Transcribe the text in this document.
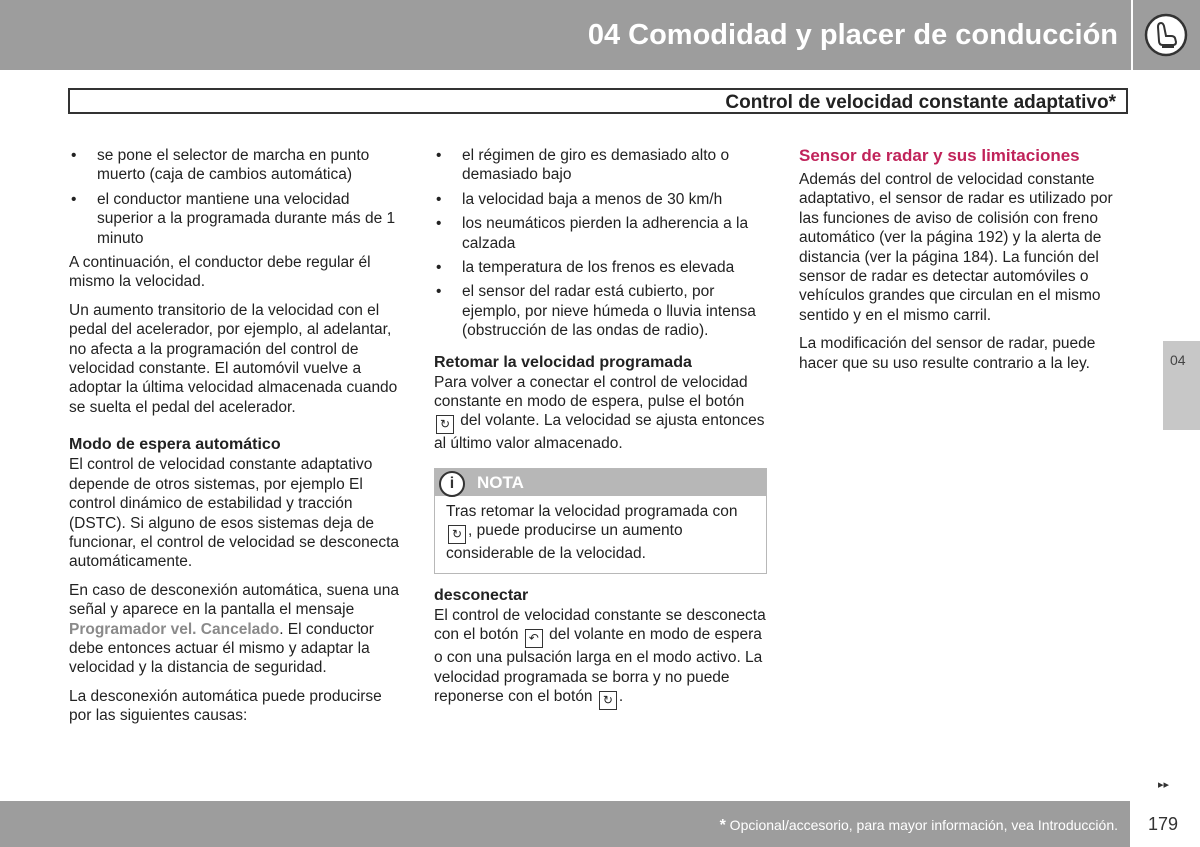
04 Comodidad y placer de conducción
Control de velocidad constante adaptativo*
• se pone el selector de marcha en punto muerto (caja de cambios automática)
• el conductor mantiene una velocidad superior a la programada durante más de 1 minuto

A continuación, el conductor debe regular él mismo la velocidad.

Un aumento transitorio de la velocidad con el pedal del acelerador, por ejemplo, al adelantar, no afecta a la programación del control de velocidad constante. El automóvil vuelve a adoptar la última velocidad almacenada cuando se suelta el pedal del acelerador.

Modo de espera automático

El control de velocidad constante adaptativo depende de otros sistemas, por ejemplo El control dinámico de estabilidad y tracción (DSTC). Si alguno de esos sistemas deja de funcionar, el control de velocidad se desconecta automáticamente.

En caso de desconexión automática, suena una señal y aparece en la pantalla el mensaje Programador vel. Cancelado. El conductor debe entonces actuar él mismo y adaptar la velocidad y la distancia de seguridad.

La desconexión automática puede producirse por las siguientes causas:

• el régimen de giro es demasiado alto o demasiado bajo
• la velocidad baja a menos de 30 km/h
• los neumáticos pierden la adherencia a la calzada
• la temperatura de los frenos es elevada
• el sensor del radar está cubierto, por ejemplo, por nieve húmeda o lluvia intensa (obstrucción de las ondas de radio).
Retomar la velocidad programada

Para volver a conectar el control de velocidad constante en modo de espera, pulse el botón ↻ del volante. La velocidad se ajusta entonces al último valor almacenado.

i	NOTA
Tras retomar la velocidad programada con ↻ , puede producirse un aumento considerable de la velocidad.
desconectar

El control de velocidad constante se desconecta con el botón ↶ del volante en modo de espera o con una pulsación larga en el modo activo. La velocidad programada se borra y no puede reponerse con el botón ↻ .

Sensor de radar y sus limitaciones

Además del control de velocidad constante adaptativo, el sensor de radar es utilizado por las funciones de aviso de colisión con freno automático (ver la página 192) y la alerta de distancia (ver la página 184). La función del sensor de radar es detectar automóviles o vehículos grandes que circulan en el mismo sentido y en el mismo carril.

La modificación del sensor de radar, puede hacer que su uso resulte contrario a la ley.	04
▸▸
* Opcional/accesorio, para mayor información, vea Introducción. 179
